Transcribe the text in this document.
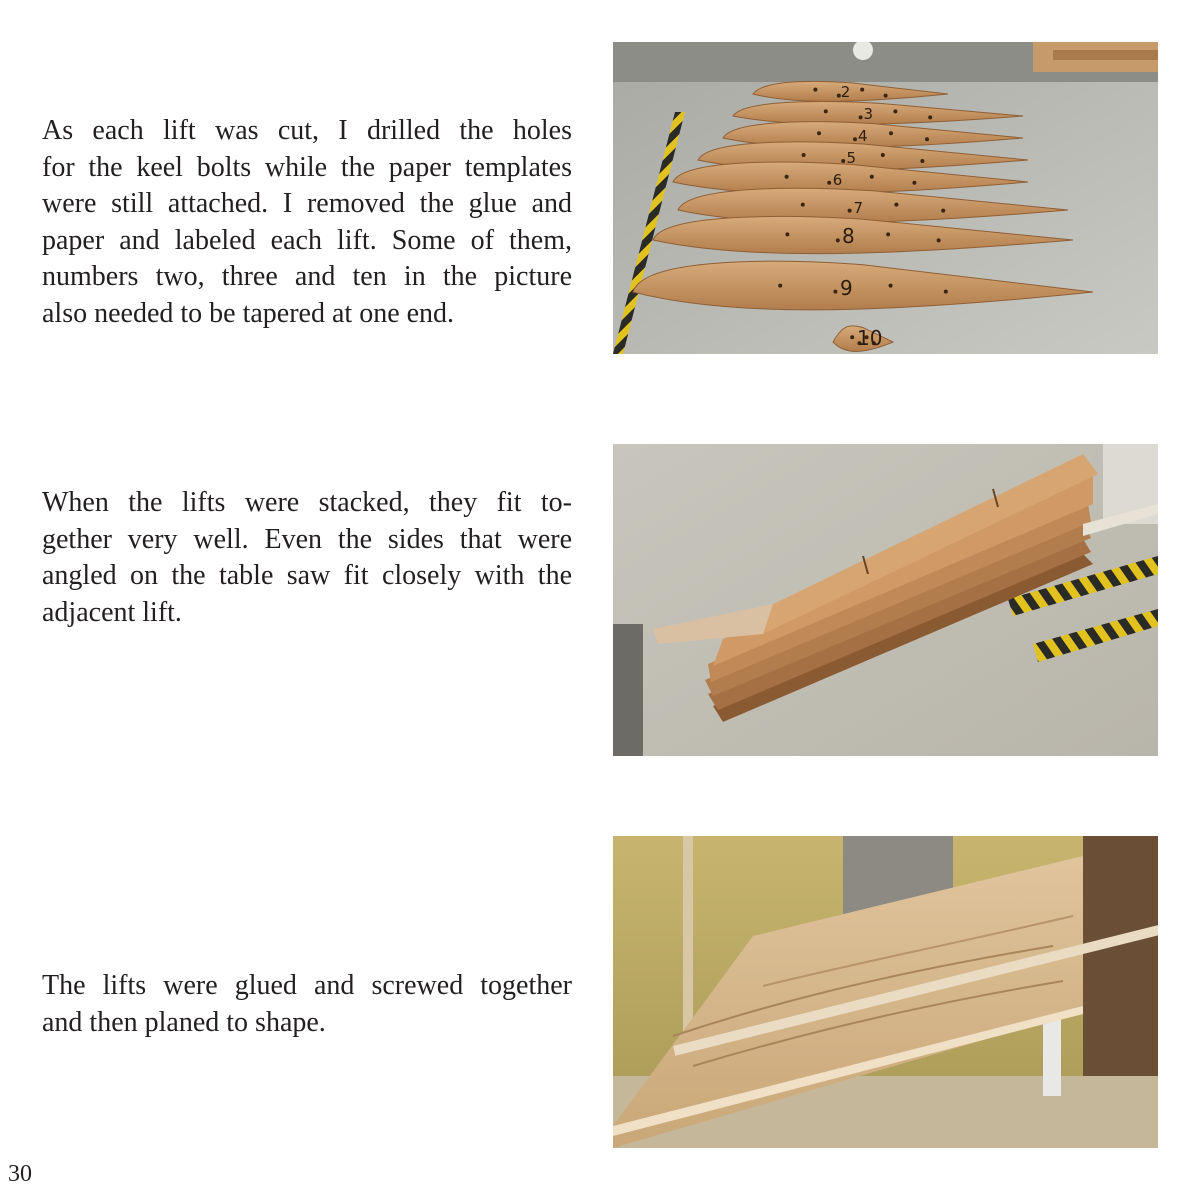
As each lift was cut, I drilled the holes
for the keel bolts while the paper templates
were still attached. I removed the glue and
paper and labeled each lift. Some of them,
numbers two, three and ten in the picture
also needed to be tapered at one end.

When the lifts were stacked, they fit to-
gether very well. Even the sides that were
angled on the table saw fit closely with the
adjacent lift.

The lifts were glued and screwed together
and then planed to shape.

2
3
4
5
6
7
8
9
10
30
